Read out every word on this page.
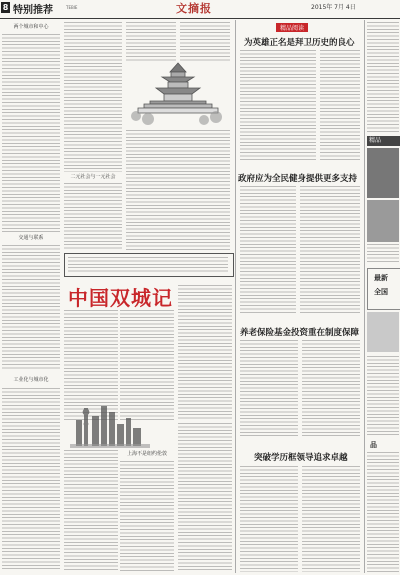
8 特别推荐	TEBIE	文摘报	2015年 7月 4日
两个城市和中心
交通与联系
工业化与城市化
二元社会与一元社会
中国双城记
上海不是纽约伦敦
精品阅读
为英雄正名是拜卫历史的良心
政府应为全民健身提供更多支持
养老保险基金投资重在制度保障
突破学历框领导追求卓越
精品
最新
全国
品
